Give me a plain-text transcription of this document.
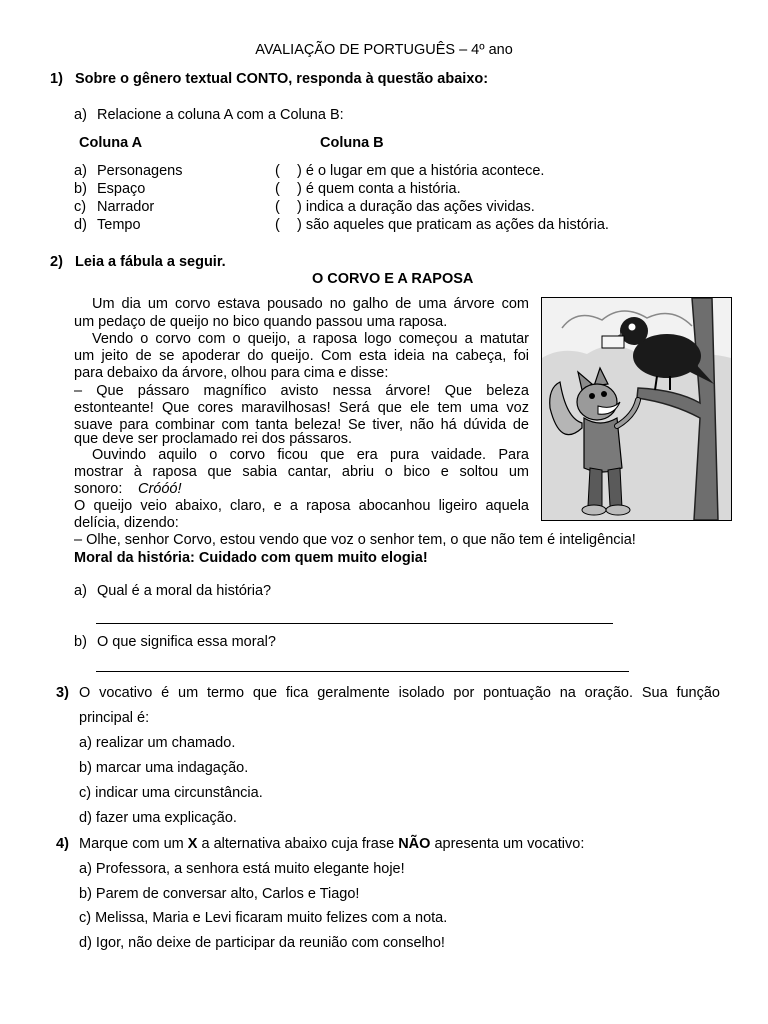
AVALIAÇÃO DE PORTUGUÊS – 4º ano
1) Sobre o gênero textual CONTO, responda à questão abaixo:
a) Relacione a coluna A com a Coluna B:
Coluna A	Coluna B
a) Personagens
b) Espaço
c) Narrador
d) Tempo
( ) é o lugar em que a história acontece.
( ) é quem conta a história.
( ) indica a duração das ações vividas.
( ) são aqueles que praticam as ações da história.
2) Leia a fábula a seguir.
O CORVO E A RAPOSA
Um dia um corvo estava pousado no galho de uma árvore com
um pedaço de queijo no bico quando passou uma raposa.
Vendo o corvo com o queijo, a raposa logo começou a matutar
um jeito de se apoderar do queijo. Com esta ideia na cabeça, foi
para debaixo da árvore, olhou para cima e disse:
– Que pássaro magnífico avisto nessa árvore! Que beleza
estonteante! Que cores maravilhosas! Será que ele tem uma voz
suave para combinar com tanta beleza! Se tiver, não há dúvida de
que deve ser proclamado rei dos pássaros.
Ouvindo aquilo o corvo ficou que era pura vaidade. Para
mostrar à raposa que sabia cantar, abriu o bico e soltou um
sonoro: Cróóó!
O queijo veio abaixo, claro, e a raposa abocanhou ligeiro aquela
delícia, dizendo:
– Olhe, senhor Corvo, estou vendo que voz o senhor tem, o que não tem é inteligência!
Moral da história: Cuidado com quem muito elogia!
a) Qual é a moral da história?
b) O que significa essa moral?
3) O vocativo é um termo que fica geralmente isolado por pontuação na oração. Sua função
principal é:
a) realizar um chamado.
b) marcar uma indagação.
c) indicar uma circunstância.
d) fazer uma explicação.
4) Marque com um X a alternativa abaixo cuja frase NÃO apresenta um vocativo:
a) Professora, a senhora está muito elegante hoje!
b) Parem de conversar alto, Carlos e Tiago!
c) Melissa, Maria e Levi ficaram muito felizes com a nota.
d) Igor, não deixe de participar da reunião com conselho!
